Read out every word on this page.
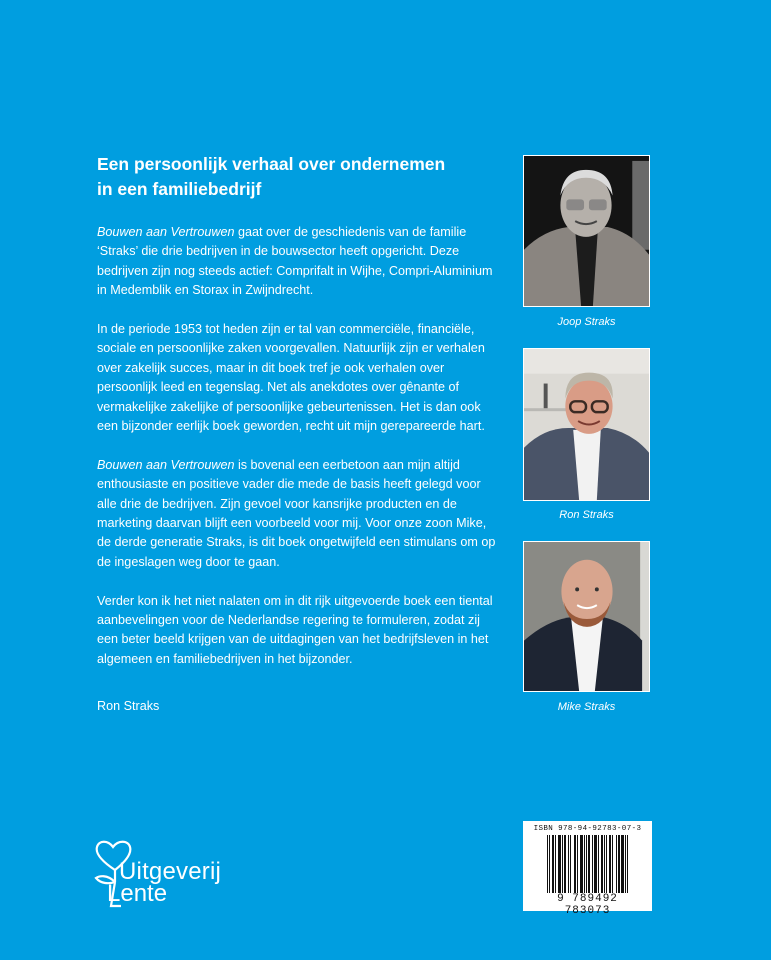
Een persoonlijk verhaal over ondernemen
in een familiebedrijf

Bouwen aan Vertrouwen gaat over de geschiedenis van de familie ‘Straks’ die drie bedrijven in de bouwsector heeft opgericht. Deze bedrijven zijn nog steeds actief: Comprifalt in Wijhe, Compri-Aluminium in Medemblik en Storax in Zwijndrecht.

In de periode 1953 tot heden zijn er tal van commerciële, financiële, sociale en persoonlijke zaken voorgevallen. Natuurlijk zijn er verhalen over zakelijk succes, maar in dit boek tref je ook verhalen over persoonlijk leed en tegenslag. Net als anekdotes over gênante of vermakelijke zakelijke of persoonlijke gebeurtenissen. Het is dan ook een bijzonder eerlijk boek geworden, recht uit mijn gerepareerde hart.

Bouwen aan Vertrouwen is bovenal een eerbetoon aan mijn altijd enthousiaste en positieve vader die mede de basis heeft gelegd voor alle drie de bedrijven. Zijn gevoel voor kansrijke producten en de marketing daarvan blijft een voorbeeld voor mij. Voor onze zoon Mike, de derde generatie Straks, is dit boek ongetwijfeld een stimulans om op de ingeslagen weg door te gaan.

Verder kon ik het niet nalaten om in dit rijk uitgevoerde boek een tiental aanbevelingen voor de Nederlandse regering te formuleren, zodat zij een beter beeld krijgen van de uitdagingen van het bedrijfsleven in het algemeen en familiebedrijven in het bijzonder.

Ron Straks
Joop Straks
Ron Straks
Mike Straks
ISBN 978-94-92783-07-3
9 789492 783073
Uitgeverij
Lente
